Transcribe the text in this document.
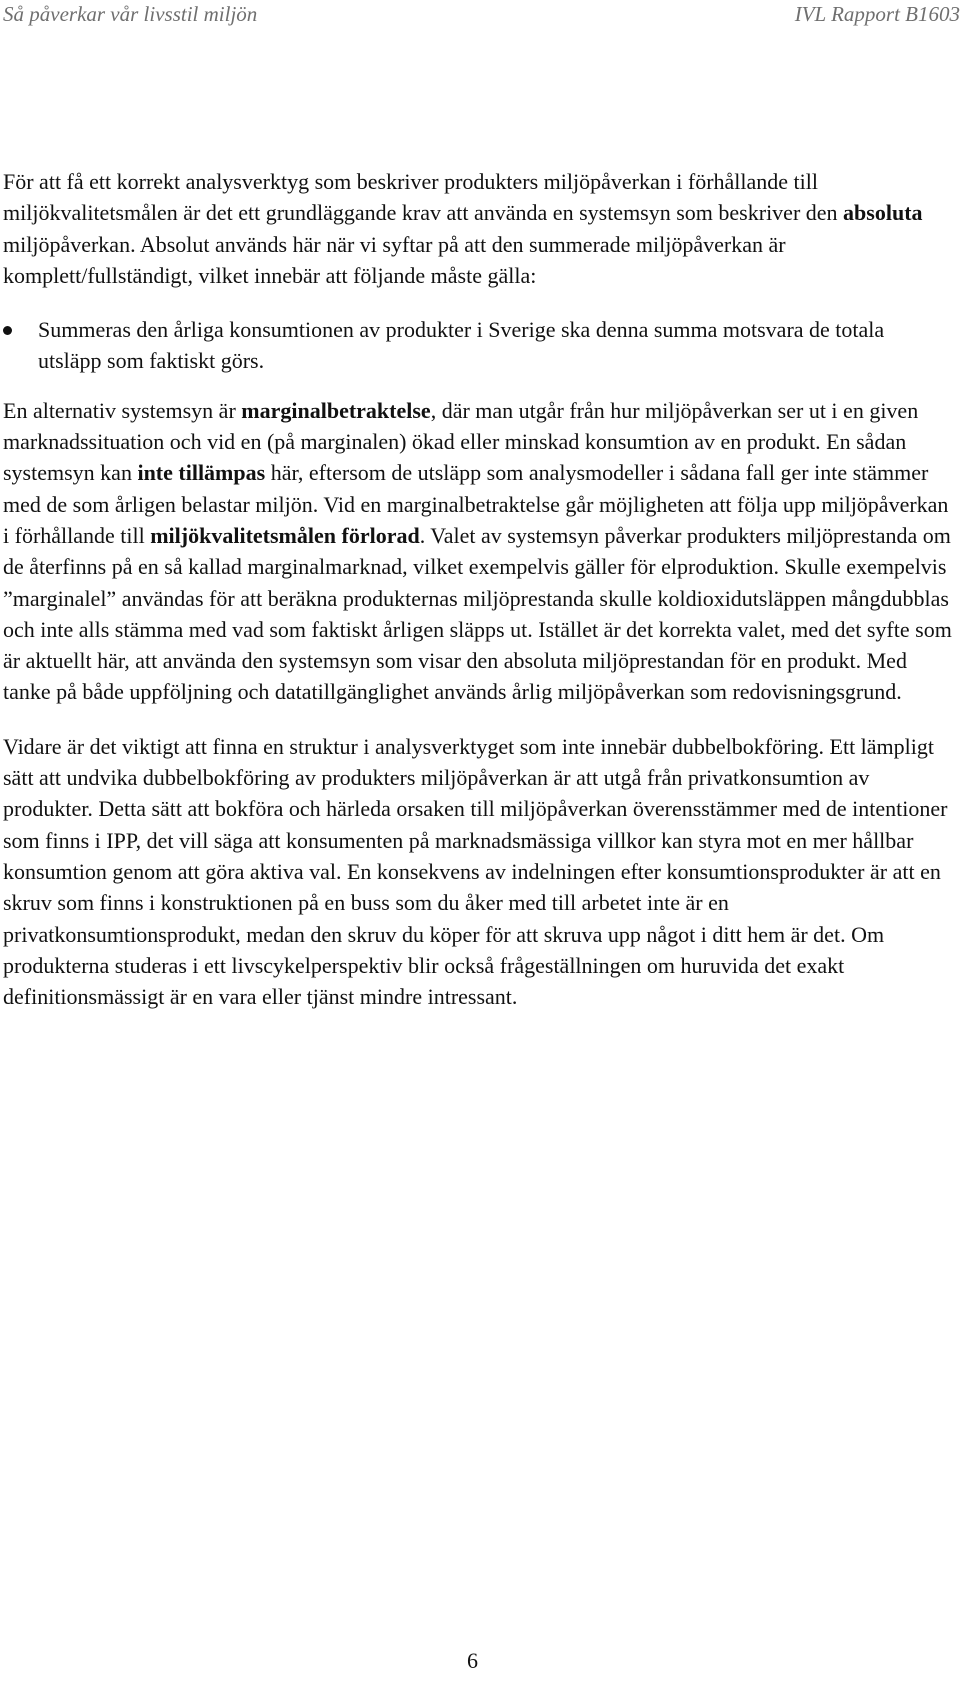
Så påverkar vår livsstil miljön	IVL Rapport B1603

För att få ett korrekt analysverktyg som beskriver produkters miljöpåverkan i förhållande till miljökvalitetsmålen är det ett grundläggande krav att använda en systemsyn som beskriver den absoluta miljöpåverkan. Absolut används här när vi syftar på att den summerade miljöpåverkan är komplett/fullständigt, vilket innebär att följande måste gälla:

Summeras den årliga konsumtionen av produkter i Sverige ska denna summa motsvara de totala utsläpp som faktiskt görs.

En alternativ systemsyn är marginalbetraktelse, där man utgår från hur miljöpåverkan ser ut i en given marknadssituation och vid en (på marginalen) ökad eller minskad konsumtion av en produkt. En sådan systemsyn kan inte tillämpas här, eftersom de utsläpp som analysmodeller i sådana fall ger inte stämmer med de som årligen belastar miljön. Vid en marginalbetraktelse går möjligheten att följa upp miljöpåverkan i förhållande till miljökvalitetsmålen förlorad. Valet av systemsyn påverkar produkters miljöprestanda om de återfinns på en så kallad marginalmarknad, vilket exempelvis gäller för elproduktion. Skulle exempelvis ”marginalel” användas för att beräkna produkternas miljöprestanda skulle koldioxidutsläppen mångdubblas och inte alls stämma med vad som faktiskt årligen släpps ut. Istället är det korrekta valet, med det syfte som är aktuellt här, att använda den systemsyn som visar den absoluta miljöprestandan för en produkt. Med tanke på både uppföljning och datatillgänglighet används årlig miljöpåverkan som redovisningsgrund.

Vidare är det viktigt att finna en struktur i analysverktyget som inte innebär dubbelbokföring. Ett lämpligt sätt att undvika dubbelbokföring av produkters miljöpåverkan är att utgå från privatkonsumtion av produkter. Detta sätt att bokföra och härleda orsaken till miljöpåverkan överensstämmer med de intentioner som finns i IPP, det vill säga att konsumenten på marknadsmässiga villkor kan styra mot en mer hållbar konsumtion genom att göra aktiva val. En konsekvens av indelningen efter konsumtionsprodukter är att en skruv som finns i konstruktionen på en buss som du åker med till arbetet inte är en privatkonsumtionsprodukt, medan den skruv du köper för att skruva upp något i ditt hem är det. Om produkterna studeras i ett livscykelperspektiv blir också frågeställningen om huruvida det exakt definitionsmässigt är en vara eller tjänst mindre intressant.

6
